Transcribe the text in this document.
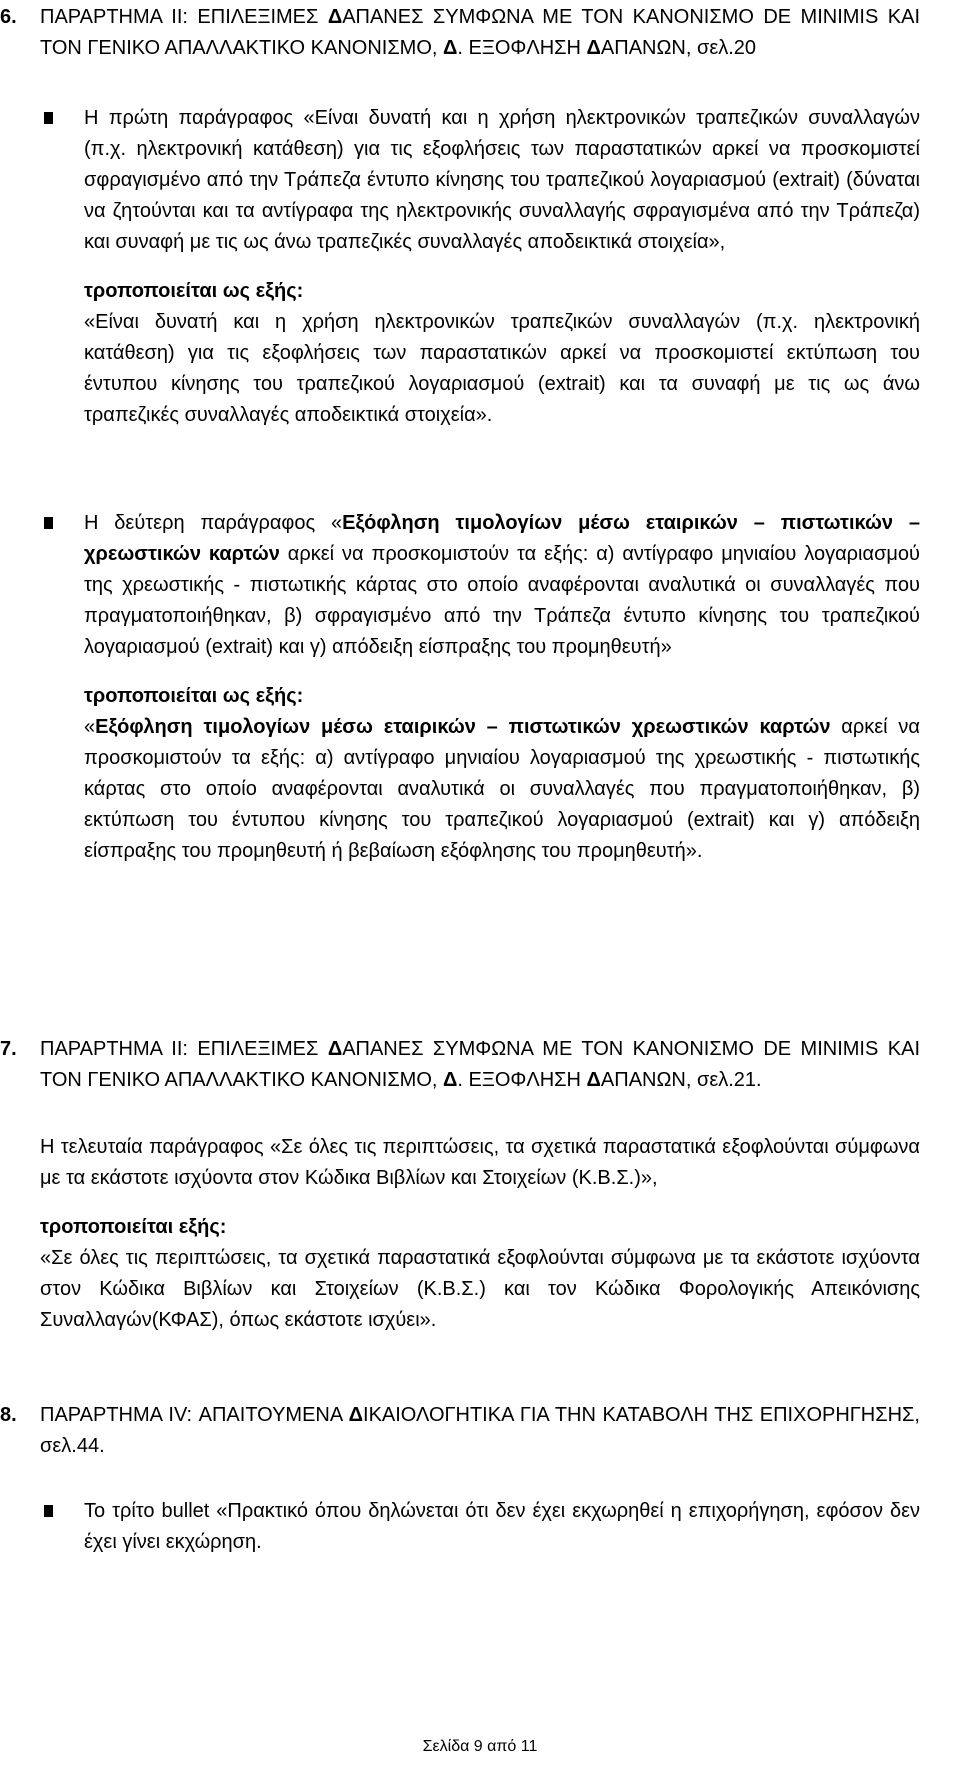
6. ΠΑΡΑΡΤΗΜΑ ΙΙ: ΕΠΙΛΕΞΙΜΕΣ ΔΑΠΑΝΕΣ ΣΥΜΦΩΝΑ ΜΕ ΤΟΝ ΚΑΝΟΝΙΣΜΟ DE MINIMIS ΚΑΙ ΤΟΝ ΓΕΝΙΚΟ ΑΠΑΛΛΑΚΤΙΚΟ ΚΑΝΟΝΙΣΜΟ, Δ. ΕΞΟΦΛΗΣΗ ΔΑΠΑΝΩΝ, σελ.20

Η πρώτη παράγραφος «Είναι δυνατή και η χρήση ηλεκτρονικών τραπεζικών συναλλαγών (π.χ. ηλεκτρονική κατάθεση) για τις εξοφλήσεις των παραστατικών αρκεί να προσκομιστεί σφραγισμένο από την Τράπεζα έντυπο κίνησης του τραπεζικού λογαριασμού (extrait) (δύναται να ζητούνται και τα αντίγραφα της ηλεκτρονικής συναλλαγής σφραγισμένα από την Τράπεζα) και συναφή με τις ως άνω τραπεζικές συναλλαγές αποδεικτικά στοιχεία»,

τροποποιείται ως εξής:

«Είναι δυνατή και η χρήση ηλεκτρονικών τραπεζικών συναλλαγών (π.χ. ηλεκτρονική κατάθεση) για τις εξοφλήσεις των παραστατικών αρκεί να προσκομιστεί εκτύπωση του έντυπου κίνησης του τραπεζικού λογαριασμού (extrait) και τα συναφή με τις ως άνω τραπεζικές συναλλαγές αποδεικτικά στοιχεία».

Η δεύτερη παράγραφος «Εξόφληση τιμολογίων μέσω εταιρικών – πιστωτικών – χρεωστικών καρτών αρκεί να προσκομιστούν τα εξής: α) αντίγραφο μηνιαίου λογαριασμού της χρεωστικής - πιστωτικής κάρτας στο οποίο αναφέρονται αναλυτικά οι συναλλαγές που πραγματοποιήθηκαν, β) σφραγισμένο από την Τράπεζα έντυπο κίνησης του τραπεζικού λογαριασμού (extrait) και γ) απόδειξη είσπραξης του προμηθευτή»

τροποποιείται ως εξής:

«Εξόφληση τιμολογίων μέσω εταιρικών – πιστωτικών χρεωστικών καρτών αρκεί να προσκομιστούν τα εξής: α) αντίγραφο μηνιαίου λογαριασμού της χρεωστικής - πιστωτικής κάρτας στο οποίο αναφέρονται αναλυτικά οι συναλλαγές που πραγματοποιήθηκαν, β) εκτύπωση του έντυπου κίνησης του τραπεζικού λογαριασμού (extrait) και γ) απόδειξη είσπραξης του προμηθευτή ή βεβαίωση εξόφλησης του προμηθευτή».

7. ΠΑΡΑΡΤΗΜΑ ΙΙ: ΕΠΙΛΕΞΙΜΕΣ ΔΑΠΑΝΕΣ ΣΥΜΦΩΝΑ ΜΕ ΤΟΝ ΚΑΝΟΝΙΣΜΟ DE MINIMIS ΚΑΙ ΤΟΝ ΓΕΝΙΚΟ ΑΠΑΛΛΑΚΤΙΚΟ ΚΑΝΟΝΙΣΜΟ, Δ. ΕΞΟΦΛΗΣΗ ΔΑΠΑΝΩΝ, σελ.21.

Η τελευταία παράγραφος «Σε όλες τις περιπτώσεις, τα σχετικά παραστατικά εξοφλούνται σύμφωνα με τα εκάστοτε ισχύοντα στον Κώδικα Βιβλίων και Στοιχείων (Κ.Β.Σ.)»,

τροποποιείται εξής:

«Σε όλες τις περιπτώσεις, τα σχετικά παραστατικά εξοφλούνται σύμφωνα με τα εκάστοτε ισχύοντα στον Κώδικα Βιβλίων και Στοιχείων (Κ.Β.Σ.) και τον Κώδικα Φορολογικής Απεικόνισης Συναλλαγών(ΚΦΑΣ), όπως εκάστοτε ισχύει».

8. ΠΑΡΑΡΤΗΜΑ IV: ΑΠΑΙΤΟΥΜΕΝΑ ΔΙΚΑΙΟΛΟΓΗΤΙΚΑ ΓΙΑ ΤΗΝ ΚΑΤΑΒΟΛΗ ΤΗΣ ΕΠΙΧΟΡΗΓΗΣΗΣ, σελ.44.

Το τρίτο bullet «Πρακτικό όπου δηλώνεται ότι δεν έχει εκχωρηθεί η επιχορήγηση, εφόσον δεν έχει γίνει εκχώρηση.

Σελίδα 9 από 11
